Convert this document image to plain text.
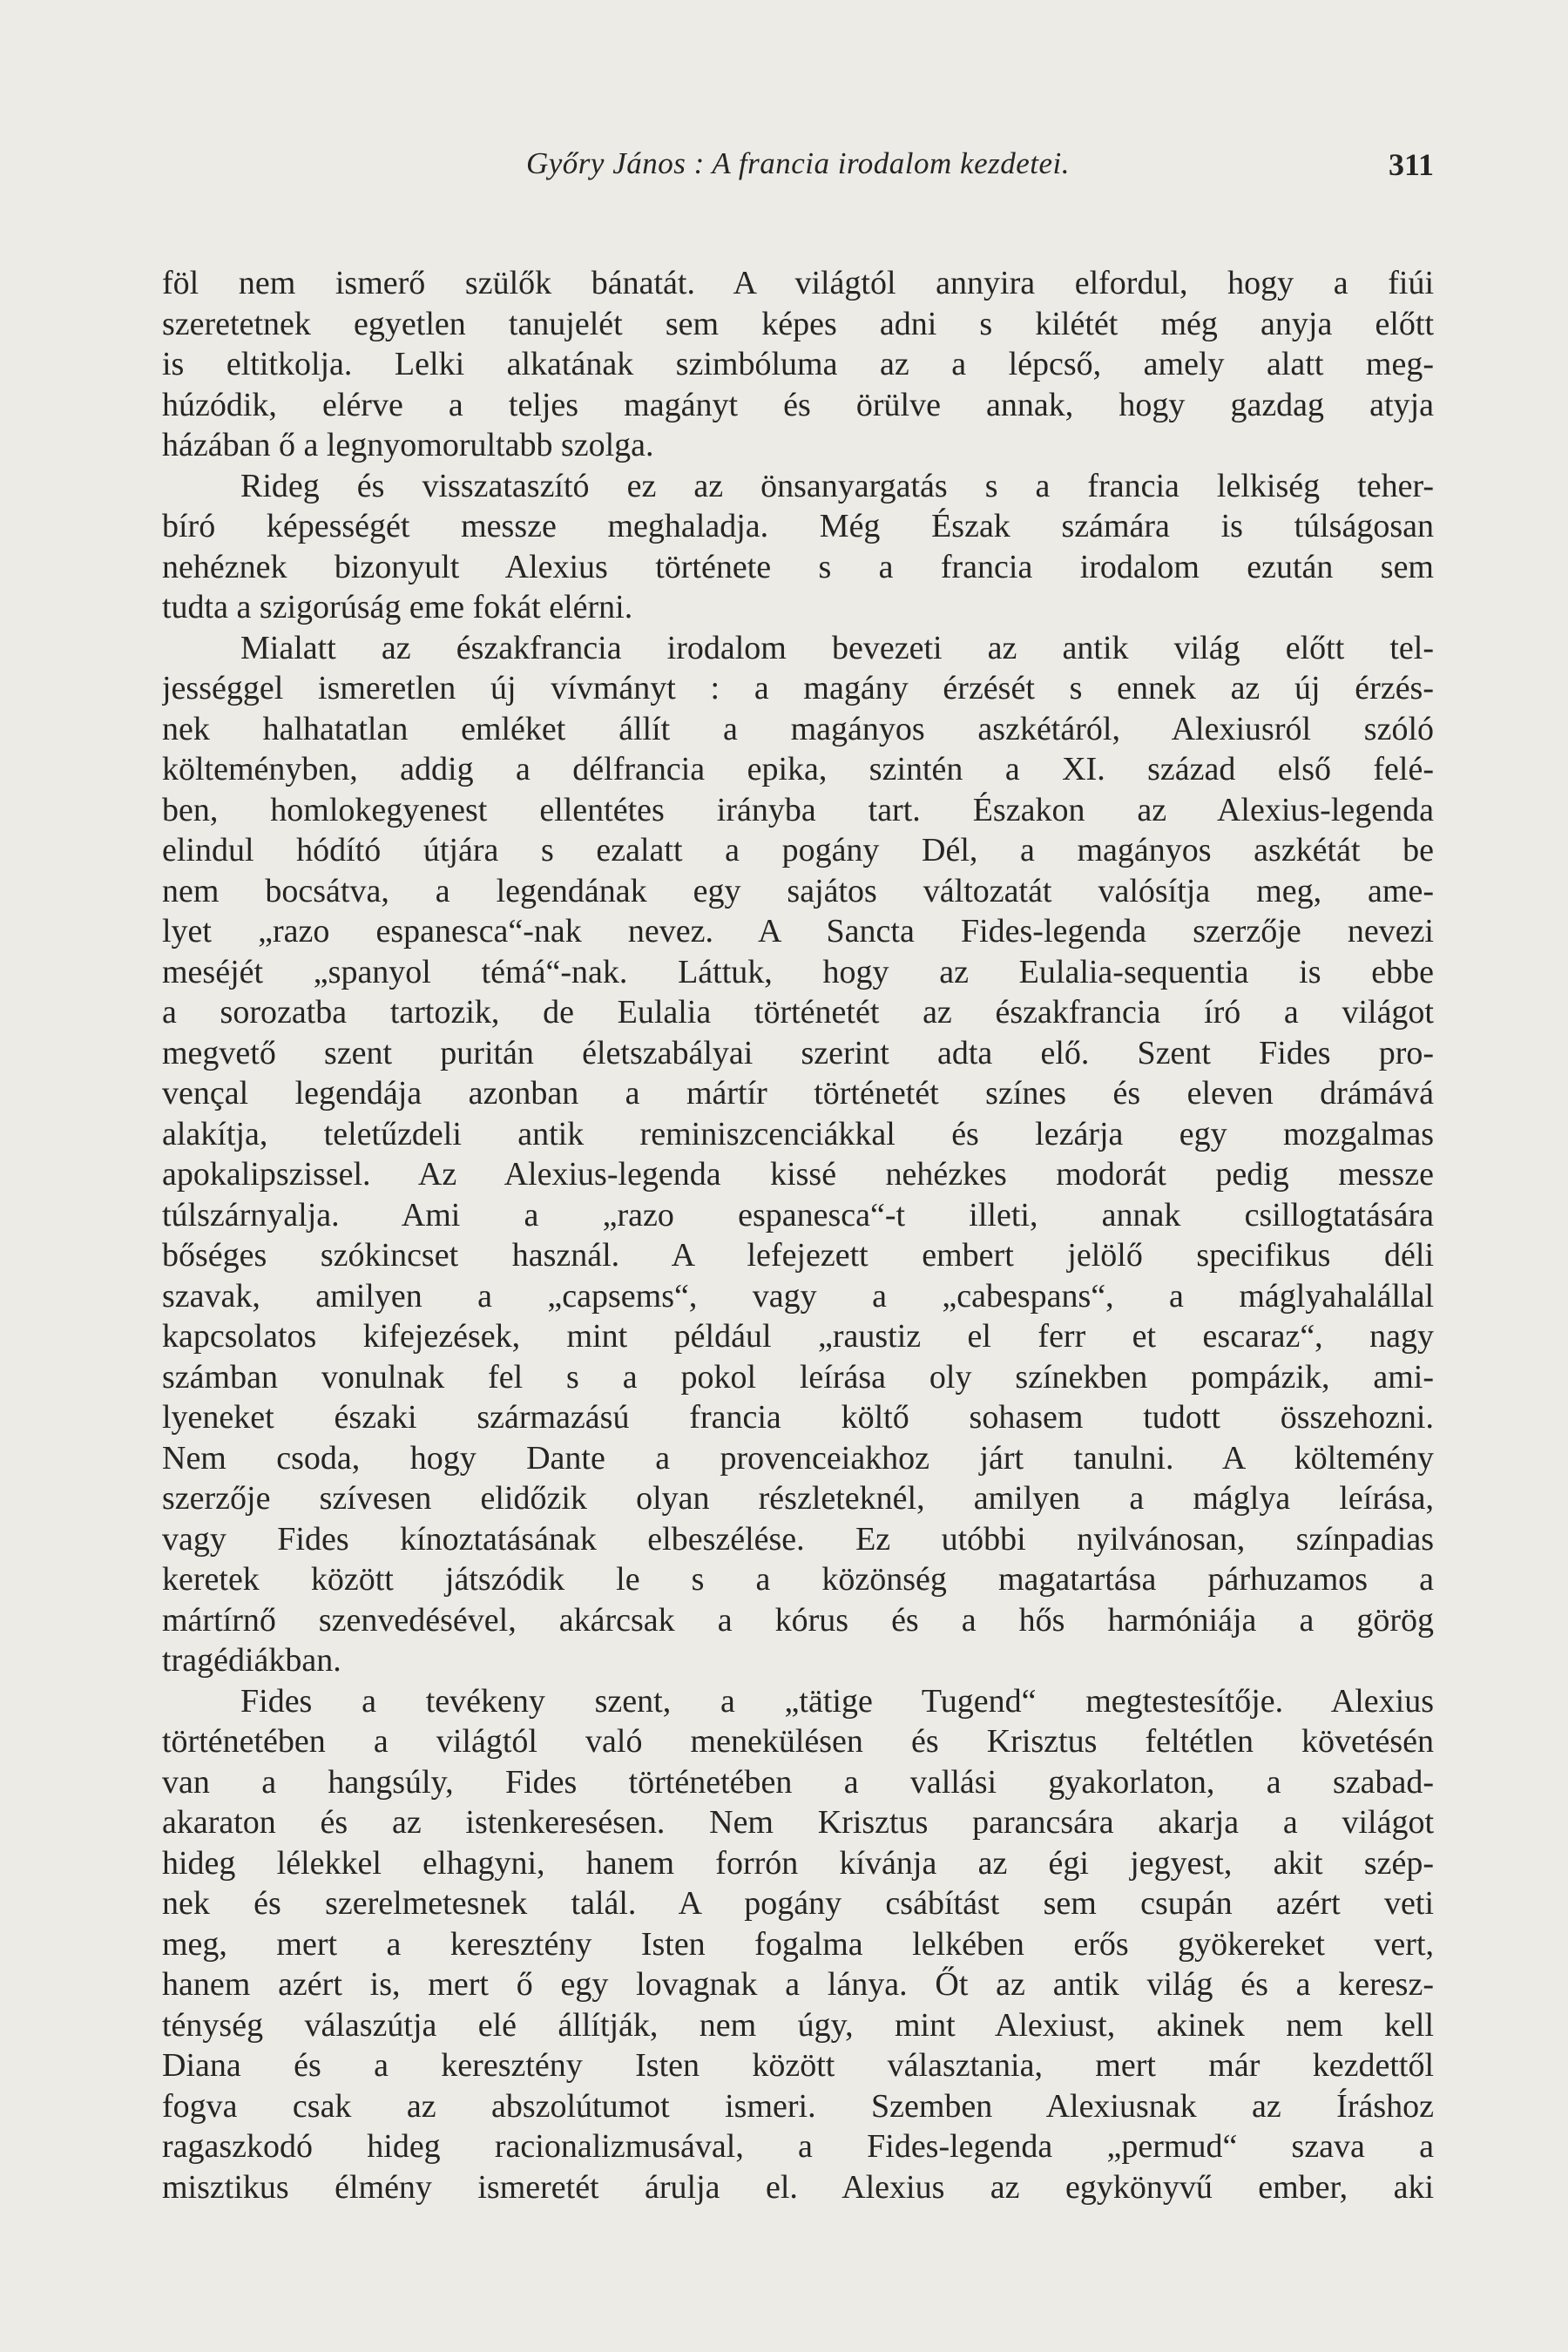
Győry János : A francia irodalom kezdetei.	311
föl nem ismerő szülők bánatát. A világtól annyira elfordul, hogy a fiúi
szeretetnek egyetlen tanujelét sem képes adni s kilétét még anyja előtt
is eltitkolja. Lelki alkatának szimbóluma az a lépcső, amely alatt meg-
húzódik, elérve a teljes magányt és örülve annak, hogy gazdag atyja
házában ő a legnyomorultabb szolga.
Rideg és visszataszító ez az önsanyargatás s a francia lelkiség teher-
bíró képességét messze meghaladja. Még Észak számára is túlságosan
nehéznek bizonyult Alexius története s a francia irodalom ezután sem
tudta a szigorúság eme fokát elérni.
Mialatt az északfrancia irodalom bevezeti az antik világ előtt tel-
jességgel ismeretlen új vívmányt : a magány érzését s ennek az új érzés-
nek halhatatlan emléket állít a magányos aszkétáról, Alexiusról szóló
költeményben, addig a délfrancia epika, szintén a XI. század első felé-
ben, homlokegyenest ellentétes irányba tart. Északon az Alexius-legenda
elindul hódító útjára s ezalatt a pogány Dél, a magányos aszkétát be
nem bocsátva, a legendának egy sajátos változatát valósítja meg, ame-
lyet „razo espanesca“-nak nevez. A Sancta Fides-legenda szerzője nevezi
meséjét „spanyol témá“-nak. Láttuk, hogy az Eulalia-sequentia is ebbe
a sorozatba tartozik, de Eulalia történetét az északfrancia író a világot
megvető szent puritán életszabályai szerint adta elő. Szent Fides pro-
vençal legendája azonban a mártír történetét színes és eleven drámává
alakítja, teletűzdeli antik reminiszcenciákkal és lezárja egy mozgalmas
apokalipszissel. Az Alexius-legenda kissé nehézkes modorát pedig messze
túlszárnyalja. Ami a „razo espanesca“-t illeti, annak csillogtatására
bőséges szókincset használ. A lefejezett embert jelölő specifikus déli
szavak, amilyen a „capsems“, vagy a „cabespans“, a máglyahalállal
kapcsolatos kifejezések, mint például „raustiz el ferr et escaraz“, nagy
számban vonulnak fel s a pokol leírása oly színekben pompázik, ami-
lyeneket északi származású francia költő sohasem tudott összehozni.
Nem csoda, hogy Dante a provenceiakhoz járt tanulni. A költemény
szerzője szívesen elidőzik olyan részleteknél, amilyen a máglya leírása,
vagy Fides kínoztatásának elbeszélése. Ez utóbbi nyilvánosan, színpadias
keretek között játszódik le s a közönség magatartása párhuzamos a
mártírnő szenvedésével, akárcsak a kórus és a hős harmóniája a görög
tragédiákban.
Fides a tevékeny szent, a „tätige Tugend“ megtestesítője. Alexius
történetében a világtól való menekülésen és Krisztus feltétlen követésén
van a hangsúly, Fides történetében a vallási gyakorlaton, a szabad-
akaraton és az istenkeresésen. Nem Krisztus parancsára akarja a világot
hideg lélekkel elhagyni, hanem forrón kívánja az égi jegyest, akit szép-
nek és szerelmetesnek talál. A pogány csábítást sem csupán azért veti
meg, mert a keresztény Isten fogalma lelkében erős gyökereket vert,
hanem azért is, mert ő egy lovagnak a lánya. Őt az antik világ és a keresz-
ténység válaszútja elé állítják, nem úgy, mint Alexiust, akinek nem kell
Diana és a keresztény Isten között választania, mert már kezdettől
fogva csak az abszolútumot ismeri. Szemben Alexiusnak az Íráshoz
ragaszkodó hideg racionalizmusával, a Fides-legenda „permud“ szava a
misztikus élmény ismeretét árulja el. Alexius az egykönyvű ember, aki
